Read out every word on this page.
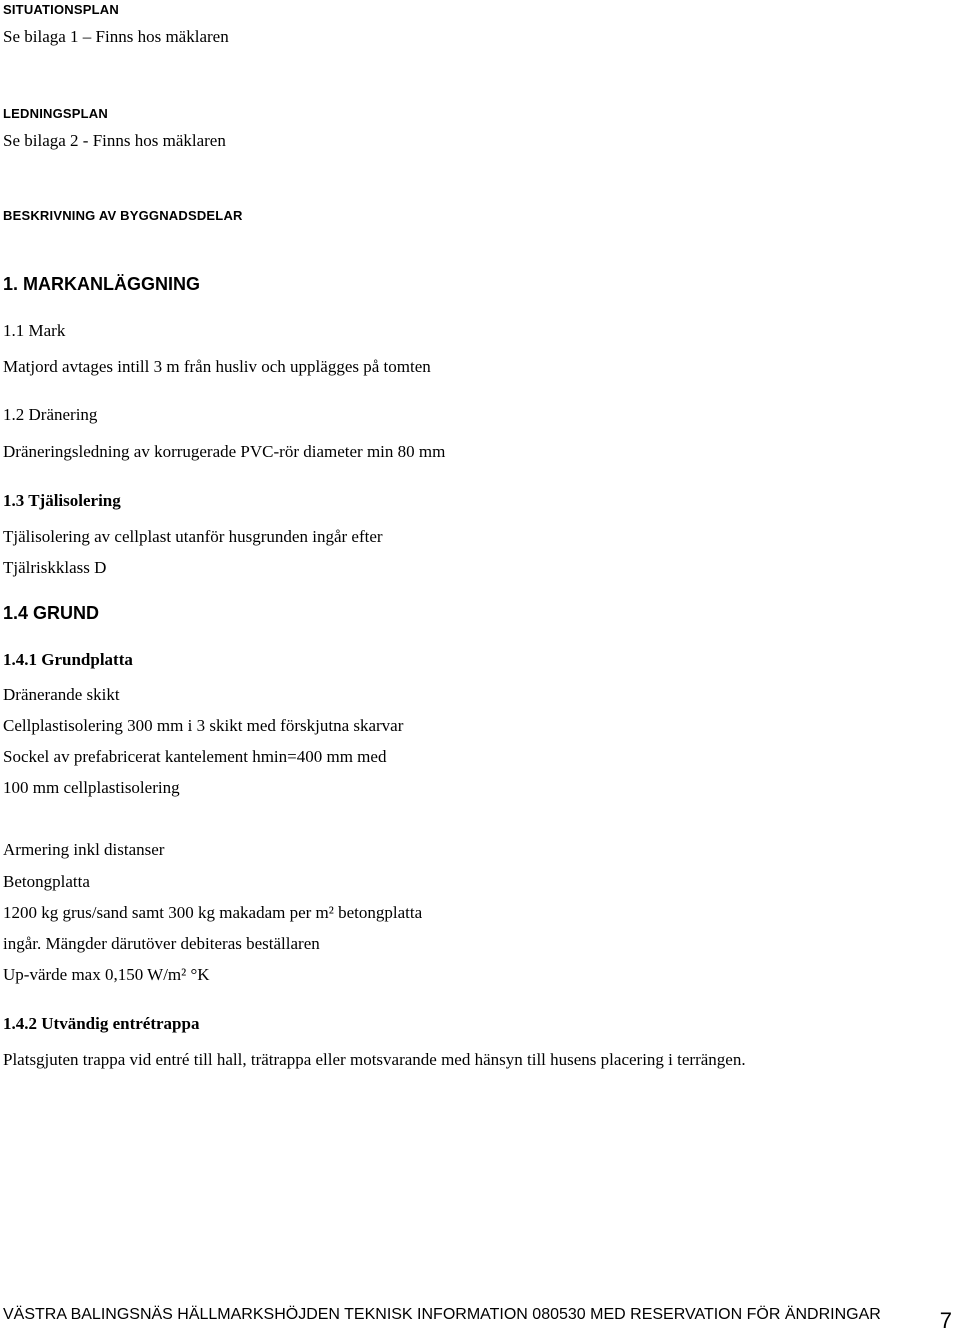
SITUATIONSPLAN
Se bilaga 1 – Finns hos mäklaren
LEDNINGSPLAN
Se bilaga 2 - Finns hos mäklaren
BESKRIVNING AV BYGGNADSDELAR
1. MARKANLÄGGNING
1.1 Mark
Matjord avtages intill 3 m från husliv och upplägges på tomten
1.2 Dränering
Dräneringsledning av korrugerade PVC-rör diameter min 80 mm
1.3 Tjälisolering
Tjälisolering av cellplast utanför husgrunden ingår efter
Tjälriskklass D
1.4 GRUND
1.4.1 Grundplatta
Dränerande skikt
Cellplastisolering 300 mm i 3 skikt med förskjutna skarvar
Sockel av prefabricerat kantelement hmin=400 mm med
100 mm cellplastisolering
Armering inkl distanser
Betongplatta
1200 kg grus/sand samt 300 kg makadam per m² betongplatta
ingår. Mängder därutöver debiteras beställaren
Up-värde max 0,150 W/m² °K
1.4.2 Utvändig entrétrappa
Platsgjuten trappa vid entré till hall, trätrappa eller motsvarande med hänsyn till husens placering i terrängen.
VÄSTRA BALINGSNÄS HÄLLMARKSHÖJDEN TEKNISK INFORMATION 080530 MED RESERVATION FÖR ÄNDRINGAR	7
